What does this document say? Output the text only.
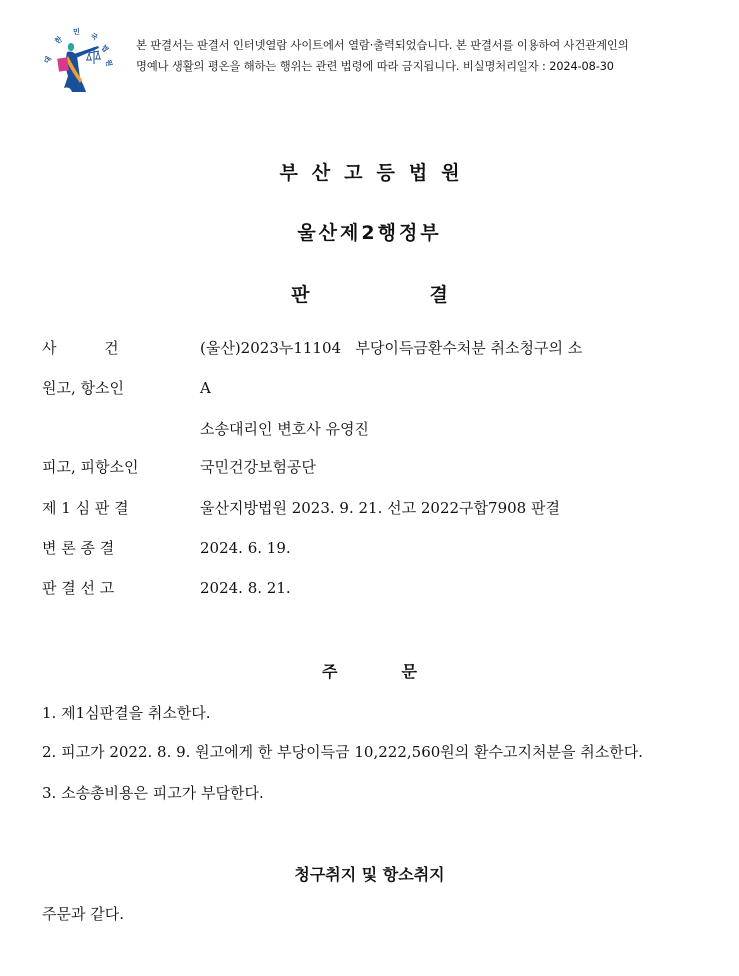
대
한
민 국
법
원
본 판결서는 판결서 인터넷열람 사이트에서 열람·출력되었습니다. 본 판결서를 이용하여 사건관계인의
명예나 생활의 평온을 해하는 행위는 관련 법령에 따라 금지됩니다. 비실명처리일자 : 2024-08-30
부산고등법원
울산제2행정부
판	결
사          건	(울산)2023누11104   부당이득금환수처분 취소청구의 소
원고, 항소인	A
소송대리인 변호사 유영진
피고, 피항소인	국민건강보험공단
제 1 심 판 결	울산지방법원 2023. 9. 21. 선고 2022구합7908 판결
변 론 종 결	2024. 6. 19.
판 결 선 고	2024. 8. 21.
주	문
1. 제1심판결을 취소한다.
2. 피고가 2022. 8. 9. 원고에게 한 부당이득금 10,222,560원의 환수고지처분을 취소한다.
3. 소송총비용은 피고가 부담한다.
청구취지 및 항소취지
주문과 같다.
